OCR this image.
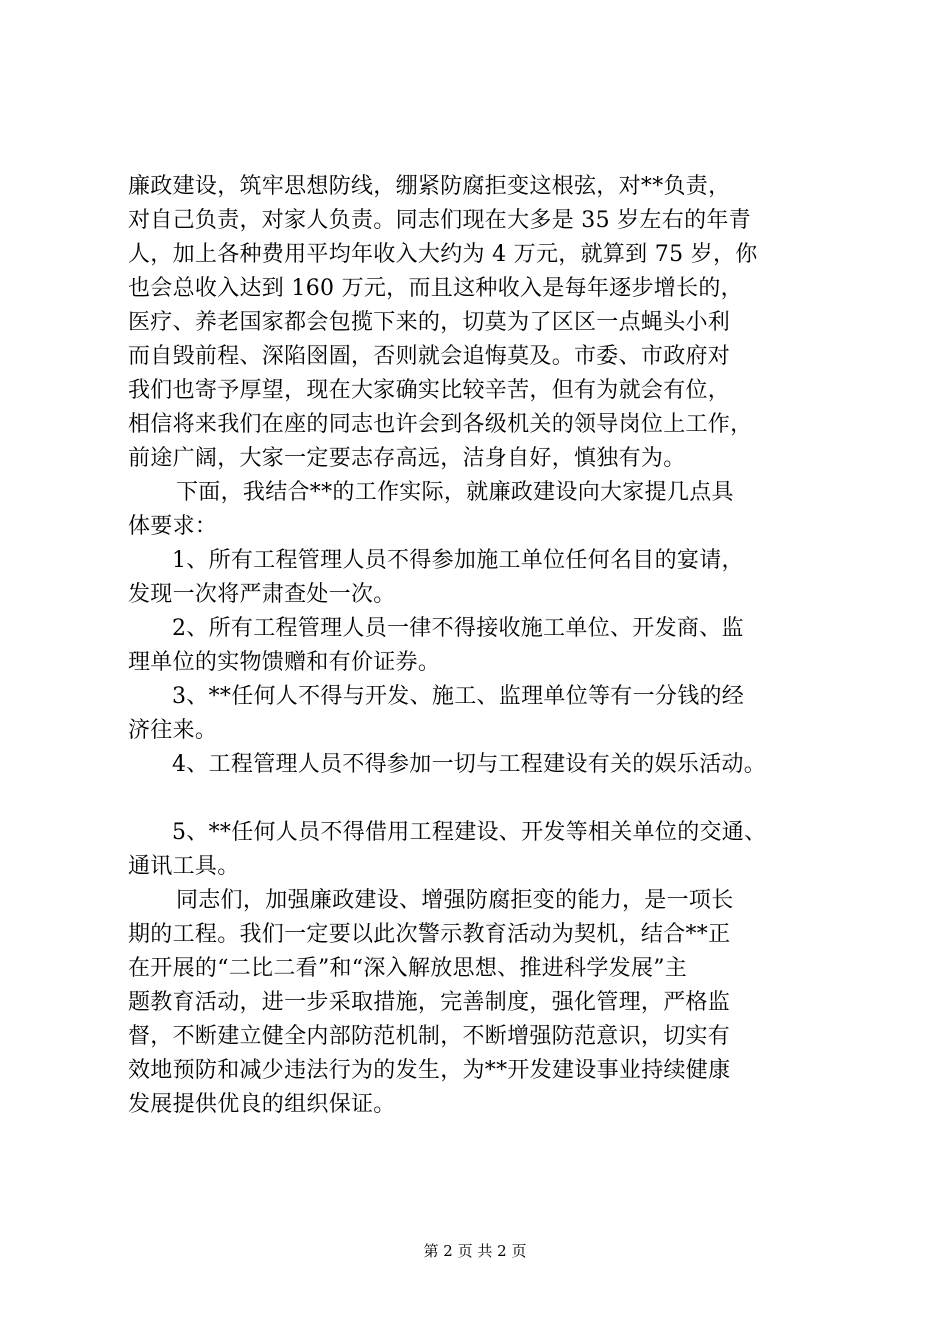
廉政建设，筑牢思想防线，绷紧防腐拒变这根弦，对**负责，
对自己负责，对家人负责。同志们现在大多是 35 岁左右的年青
人，加上各种费用平均年收入大约为 4 万元，就算到 75 岁，你
也会总收入达到 160 万元，而且这种收入是每年逐步增长的，
医疗、养老国家都会包揽下来的，切莫为了区区一点蝇头小利
而自毁前程、深陷囹圄，否则就会追悔莫及。市委、市政府对
我们也寄予厚望，现在大家确实比较辛苦，但有为就会有位，
相信将来我们在座的同志也许会到各级机关的领导岗位上工作，
前途广阔，大家一定要志存高远，洁身自好，慎独有为。
下面，我结合**的工作实际，就廉政建设向大家提几点具
体要求：
1、所有工程管理人员不得参加施工单位任何名目的宴请，
发现一次将严肃查处一次。
2、所有工程管理人员一律不得接收施工单位、开发商、监
理单位的实物馈赠和有价证券。
3、**任何人不得与开发、施工、监理单位等有一分钱的经
济往来。
4、工程管理人员不得参加一切与工程建设有关的娱乐活动。
5、**任何人员不得借用工程建设、开发等相关单位的交通、
通讯工具。
同志们，加强廉政建设、增强防腐拒变的能力，是一项长
期的工程。我们一定要以此次警示教育活动为契机，结合**正
在开展的“二比二看”和“深入解放思想、推进科学发展”主
题教育活动，进一步采取措施，完善制度，强化管理，严格监
督，不断建立健全内部防范机制，不断增强防范意识，切实有
效地预防和减少违法行为的发生，为**开发建设事业持续健康
发展提供优良的组织保证。
第 2 页 共 2 页
